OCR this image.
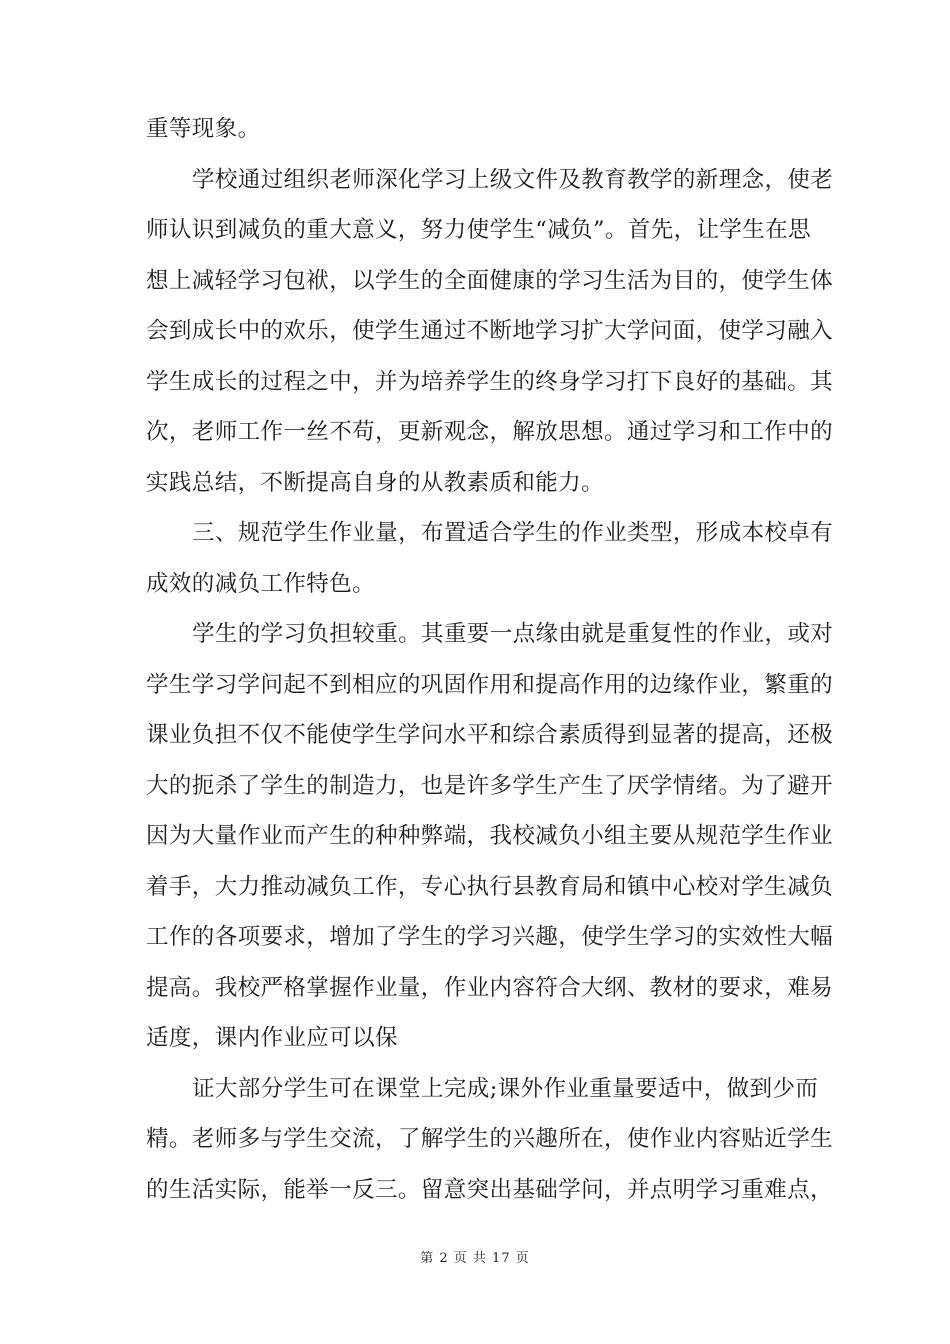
重等现象。
学校通过组织老师深化学习上级文件及教育教学的新理念，使老
师认识到减负的重大意义，努力使学生“减负”。首先，让学生在思
想上减轻学习包袱，以学生的全面健康的学习生活为目的，使学生体
会到成长中的欢乐，使学生通过不断地学习扩大学问面，使学习融入
学生成长的过程之中，并为培养学生的终身学习打下良好的基础。其
次，老师工作一丝不苟，更新观念，解放思想。通过学习和工作中的
实践总结，不断提高自身的从教素质和能力。
三、规范学生作业量，布置适合学生的作业类型，形成本校卓有
成效的减负工作特色。
学生的学习负担较重。其重要一点缘由就是重复性的作业，或对
学生学习学问起不到相应的巩固作用和提高作用的边缘作业，繁重的
课业负担不仅不能使学生学问水平和综合素质得到显著的提高，还极
大的扼杀了学生的制造力，也是许多学生产生了厌学情绪。为了避开
因为大量作业而产生的种种弊端，我校减负小组主要从规范学生作业
着手，大力推动减负工作，专心执行县教育局和镇中心校对学生减负
工作的各项要求，增加了学生的学习兴趣，使学生学习的实效性大幅
提高。我校严格掌握作业量，作业内容符合大纲、教材的要求，难易
适度，课内作业应可以保
证大部分学生可在课堂上完成;课外作业重量要适中，做到少而
精。老师多与学生交流，了解学生的兴趣所在，使作业内容贴近学生
的生活实际，能举一反三。留意突出基础学问，并点明学习重难点，
第 2 页 共 17 页
